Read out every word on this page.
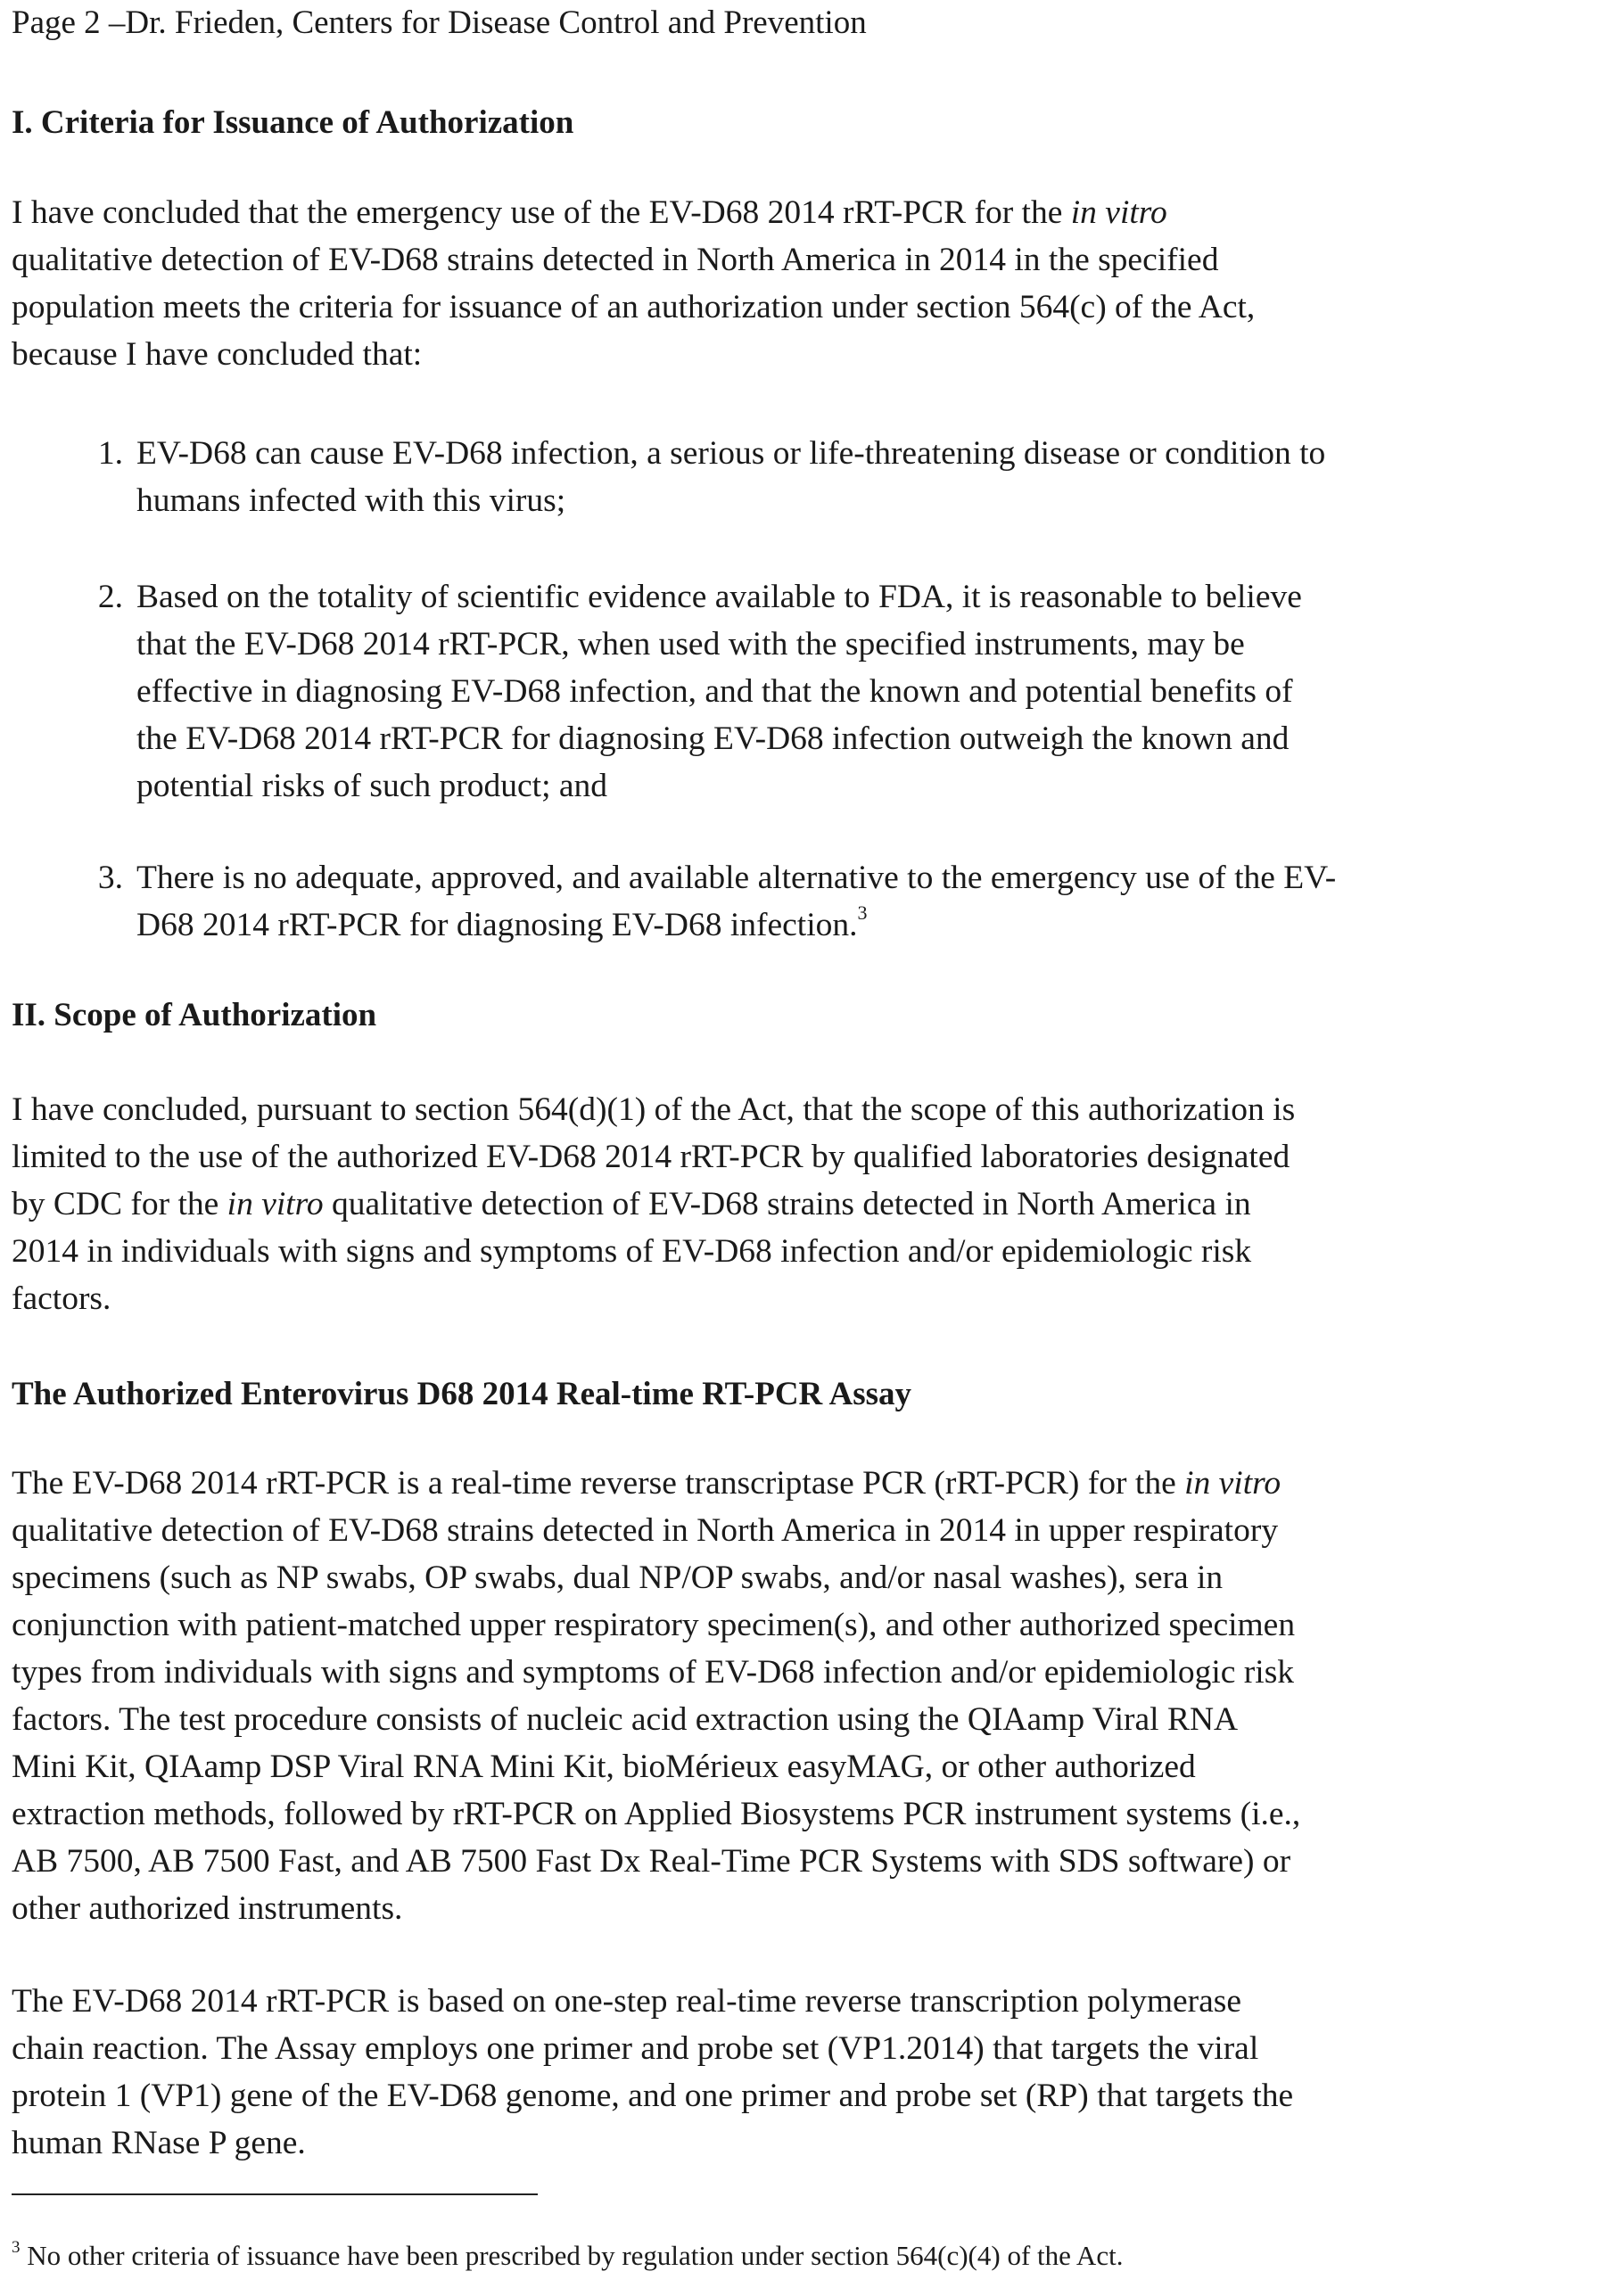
Page 2 –Dr. Frieden, Centers for Disease Control and Prevention
I. Criteria for Issuance of Authorization
I have concluded that the emergency use of the EV-D68 2014 rRT-PCR for the in vitro
qualitative detection of EV-D68 strains detected in North America in 2014 in the specified
population meets the criteria for issuance of an authorization under section 564(c) of the Act,
because I have concluded that:
1. EV-D68 can cause EV-D68 infection, a serious or life-threatening disease or condition to
humans infected with this virus;
2. Based on the totality of scientific evidence available to FDA, it is reasonable to believe
that the EV-D68 2014 rRT-PCR, when used with the specified instruments, may be
effective in diagnosing EV-D68 infection, and that the known and potential benefits of
the EV-D68 2014 rRT-PCR for diagnosing EV-D68 infection outweigh the known and
potential risks of such product; and
3. There is no adequate, approved, and available alternative to the emergency use of the EV-
D68 2014 rRT-PCR for diagnosing EV-D68 infection.$^3$
II. Scope of Authorization
I have concluded, pursuant to section 564(d)(1) of the Act, that the scope of this authorization is
limited to the use of the authorized EV-D68 2014 rRT-PCR by qualified laboratories designated
by CDC for the in vitro qualitative detection of EV-D68 strains detected in North America in
2014 in individuals with signs and symptoms of EV-D68 infection and/or epidemiologic risk
factors.
The Authorized Enterovirus D68 2014 Real-time RT-PCR Assay
The EV-D68 2014 rRT-PCR is a real-time reverse transcriptase PCR (rRT-PCR) for the in vitro
qualitative detection of EV-D68 strains detected in North America in 2014 in upper respiratory
specimens (such as NP swabs, OP swabs, dual NP/OP swabs, and/or nasal washes), sera in
conjunction with patient-matched upper respiratory specimen(s), and other authorized specimen
types from individuals with signs and symptoms of EV-D68 infection and/or epidemiologic risk
factors. The test procedure consists of nucleic acid extraction using the QIAamp Viral RNA
Mini Kit, QIAamp DSP Viral RNA Mini Kit, bioMérieux easyMAG, or other authorized
extraction methods, followed by rRT-PCR on Applied Biosystems PCR instrument systems (i.e.,
AB 7500, AB 7500 Fast, and AB 7500 Fast Dx Real-Time PCR Systems with SDS software) or
other authorized instruments.
The EV-D68 2014 rRT-PCR is based on one-step real-time reverse transcription polymerase
chain reaction. The Assay employs one primer and probe set (VP1.2014) that targets the viral
protein 1 (VP1) gene of the EV-D68 genome, and one primer and probe set (RP) that targets the
human RNase P gene.
$^3$ No other criteria of issuance have been prescribed by regulation under section 564(c)(4) of the Act.
